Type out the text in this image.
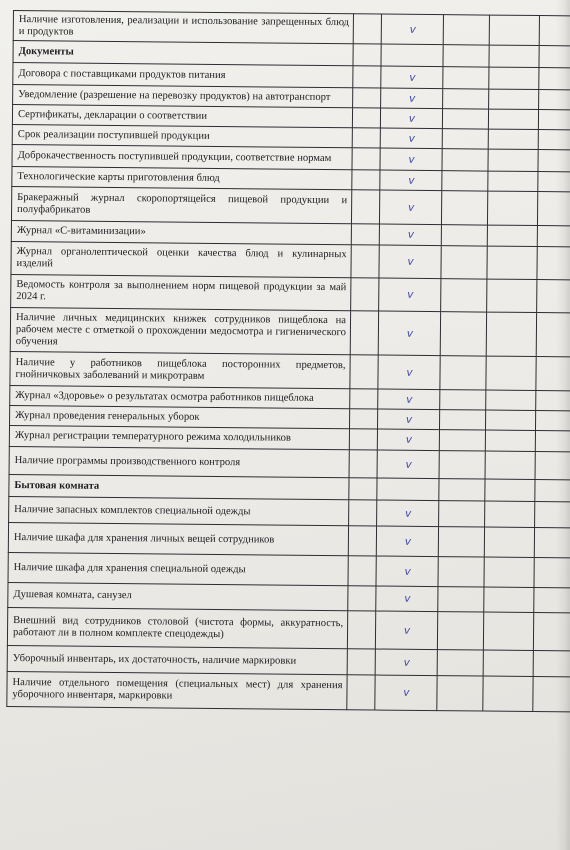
Наличие изготовления, реализации и использование запрещенных блюд и продуктов		v			
Документы					
Договора с поставщиками продуктов питания		v			
Уведомление (разрешение на перевозку продуктов) на автотранспорт		v			
Сертификаты, декларации о соответствии		v			
Срок реализации поступившей продукции		v			
Доброкачественность поступившей продукции, соответствие нормам		v			
Технологические карты приготовления блюд		v			
Бракеражный журнал скоропортящейся пищевой продукции и полуфабрикатов		v			
Журнал «С-витаминизации»		v			
Журнал органолептической оценки качества блюд и кулинарных изделий		v			
Ведомость контроля за выполнением норм пищевой продукции за май 2024 г.		v			
Наличие личных медицинских книжек сотрудников пищеблока на рабочем месте с отметкой о прохождении медосмотра и гигиенического обучения		v			
Наличие у работников пищеблока посторонних предметов, гнойничковых заболеваний и микротравм		v			
Журнал «Здоровье» о результатах осмотра работников пищеблока		v			
Журнал проведения генеральных уборок		v			
Журнал регистрации температурного режима холодильников		v			
Наличие программы производственного контроля		v			
Бытовая комната					
Наличие запасных комплектов специальной одежды		v			
Наличие шкафа для хранения личных вещей сотрудников		v			
Наличие шкафа для хранения специальной одежды		v			
Душевая комната, санузел		v			
Внешний вид сотрудников столовой (чистота формы, аккуратность, работают ли в полном комплекте спецодежды)		v			
Уборочный инвентарь, их достаточность, наличие маркировки		v			
Наличие отдельного помещения (специальных мест) для хранения уборочного инвентаря, маркировки		v			
